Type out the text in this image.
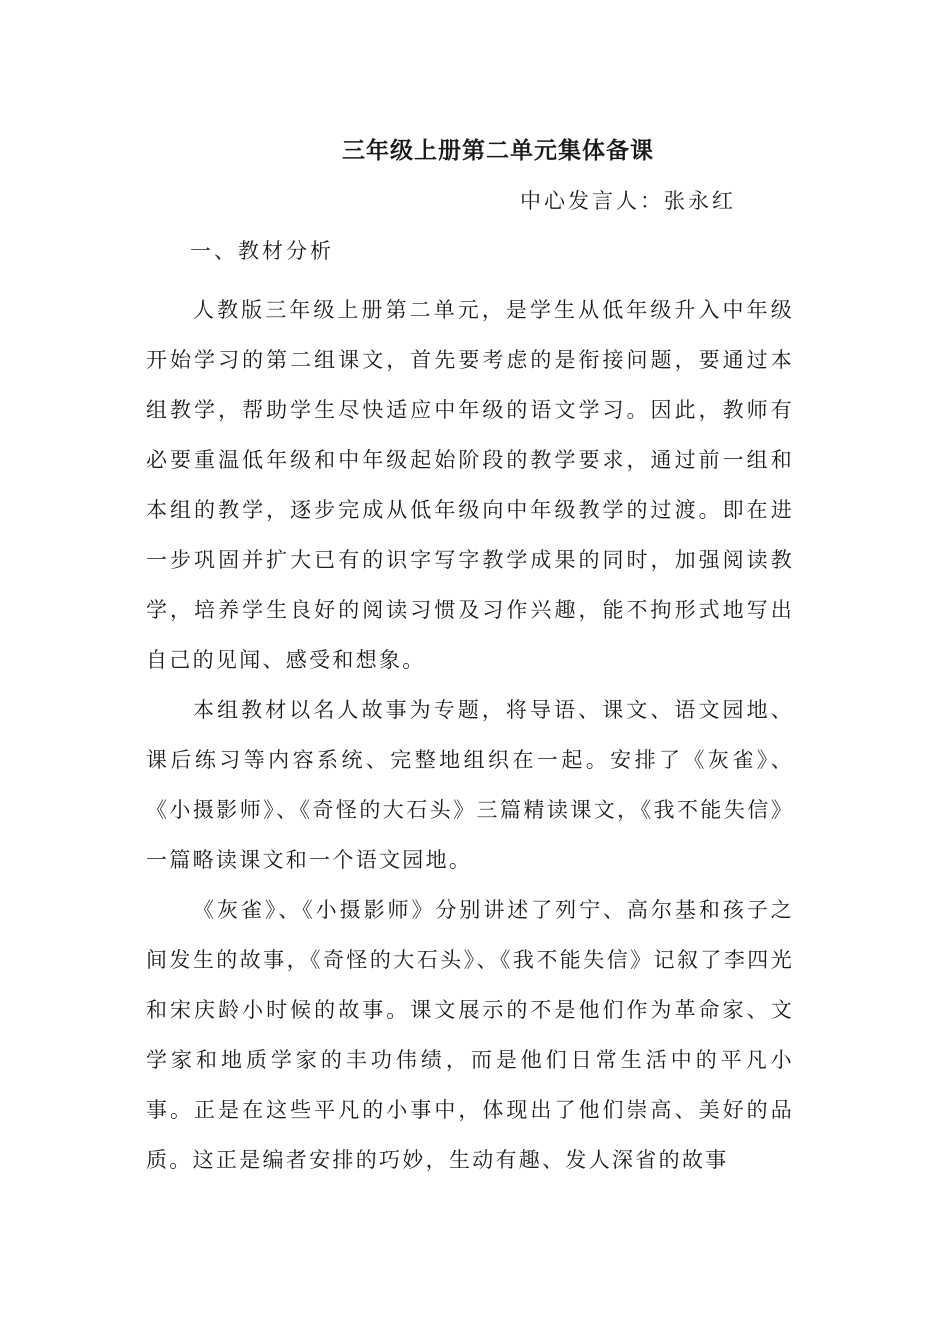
三年级上册第二单元集体备课
中心发言人：张永红
一、教材分析

人教版三年级上册第二单元，是学生从低年级升入中年级开始学习的第二组课文，首先要考虑的是衔接问题，要通过本组教学，帮助学生尽快适应中年级的语文学习。因此，教师有必要重温低年级和中年级起始阶段的教学要求，通过前一组和本组的教学，逐步完成从低年级向中年级教学的过渡。即在进一步巩固并扩大已有的识字写字教学成果的同时，加强阅读教学，培养学生良好的阅读习惯及习作兴趣，能不拘形式地写出自己的见闻、感受和想象。

本组教材以名人故事为专题，将导语、课文、语文园地、课后练习等内容系统、完整地组织在一起。安排了《灰雀》、《小摄影师》、《奇怪的大石头》三篇精读课文，《我不能失信》一篇略读课文和一个语文园地。

《灰雀》、《小摄影师》分别讲述了列宁、高尔基和孩子之间发生的故事，《奇怪的大石头》、《我不能失信》记叙了李四光和宋庆龄小时候的故事。课文展示的不是他们作为革命家、文学家和地质学家的丰功伟绩，而是他们日常生活中的平凡小事。正是在这些平凡的小事中，体现出了他们崇高、美好的品质。这正是编者安排的巧妙，生动有趣、发人深省的故事
